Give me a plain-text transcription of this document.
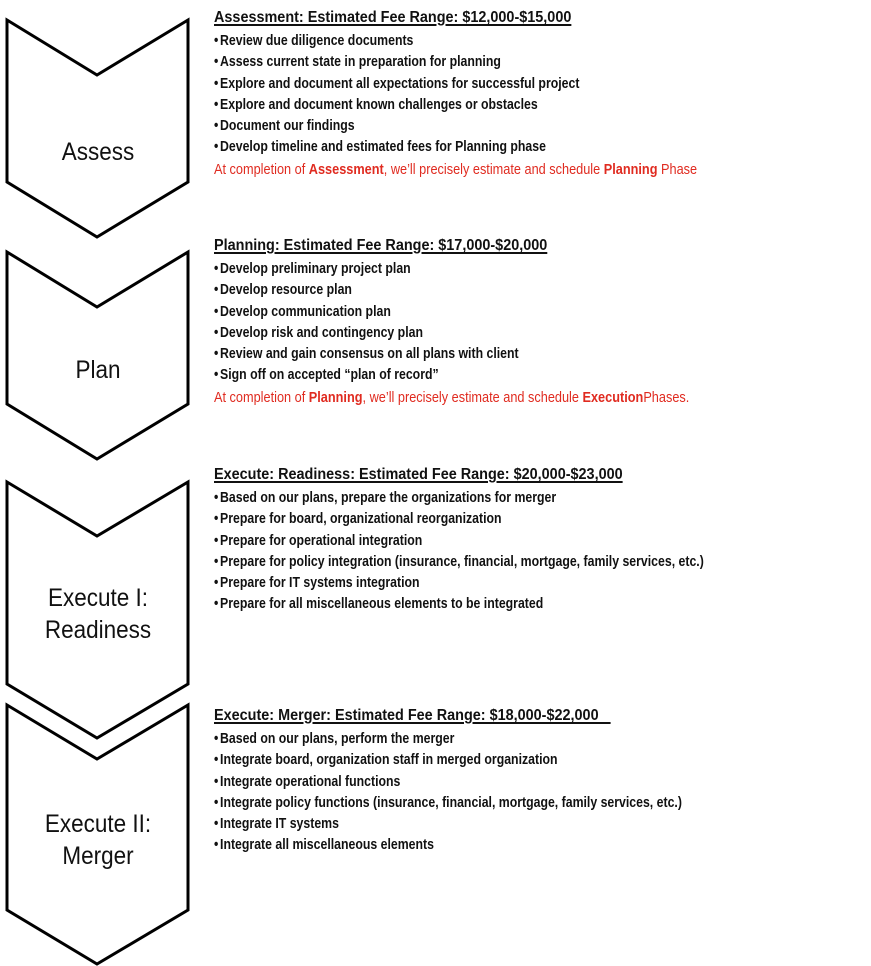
Assess
Plan
Execute I:
Readiness
Execute II:
Merger
Assessment: Estimated Fee Range: $12,000-$15,000
• Review due diligence documents
• Assess current state in preparation for planning
• Explore and document all expectations for successful project
• Explore and document known challenges or obstacles
• Document our findings
• Develop timeline and estimated fees for Planning phase
At completion of Assessment, we’ll precisely estimate and schedule Planning Phase
Planning: Estimated Fee Range: $17,000-$20,000
• Develop preliminary project plan
• Develop resource plan
• Develop communication plan
• Develop risk and contingency plan
• Review and gain consensus on all plans with client
• Sign off on accepted “plan of record”
At completion of Planning, we’ll precisely estimate and schedule ExecutionPhases.
Execute: Readiness: Estimated Fee Range: $20,000-$23,000
• Based on our plans, prepare the organizations for merger
• Prepare for board, organizational reorganization
• Prepare for operational integration
• Prepare for policy integration (insurance, financial, mortgage, family services, etc.)
• Prepare for IT systems integration
• Prepare for all miscellaneous elements to be integrated
Execute: Merger: Estimated Fee Range: $18,000-$22,000
• Based on our plans, perform the merger
• Integrate board, organization staff in merged organization
• Integrate operational functions
• Integrate policy functions (insurance, financial, mortgage, family services, etc.)
• Integrate IT systems
• Integrate all miscellaneous elements
